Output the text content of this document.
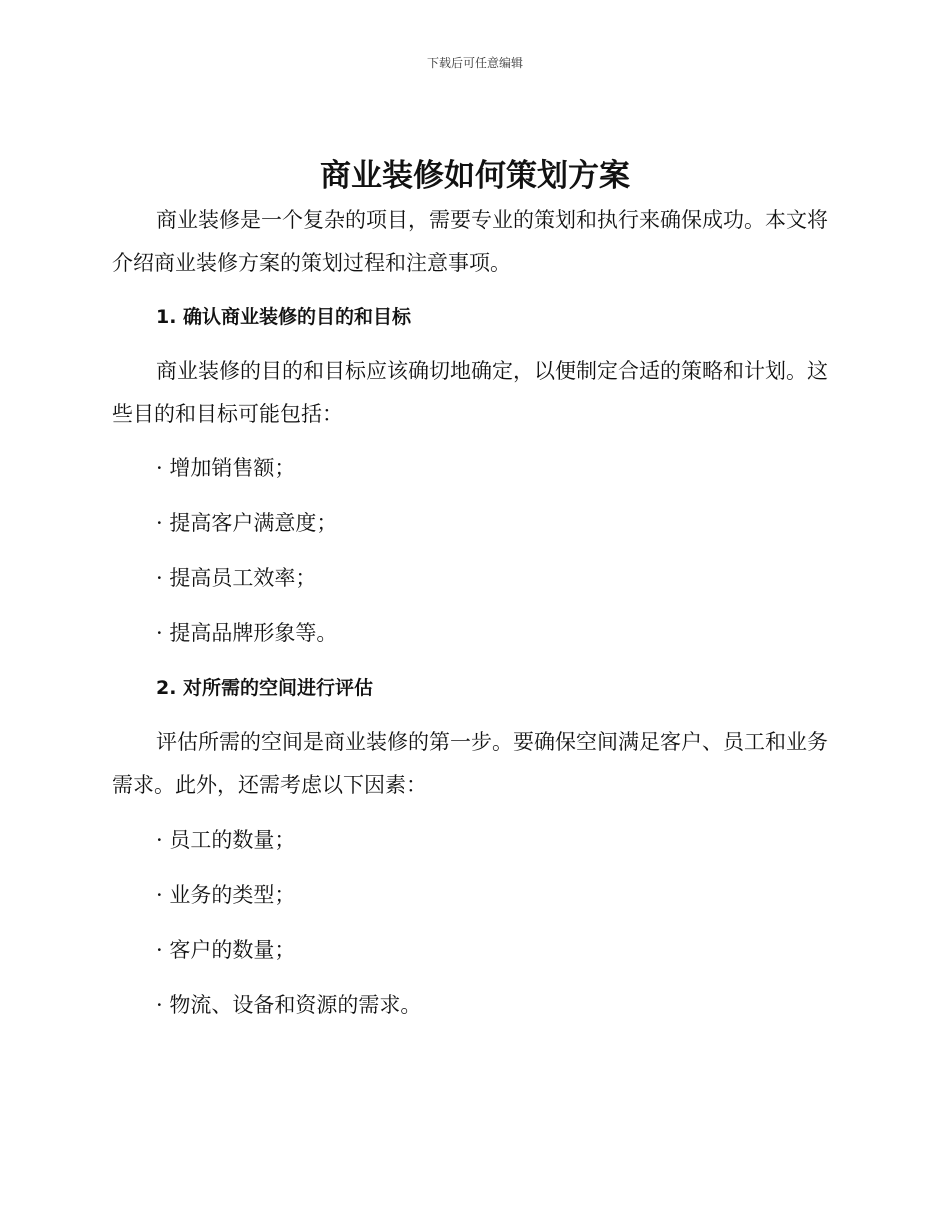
下载后可任意编辑
商业装修如何策划方案

商业装修是一个复杂的项目，需要专业的策划和执行来确保成功。本文将介绍商业装修方案的策划过程和注意事项。

1. 确认商业装修的目的和目标

商业装修的目的和目标应该确切地确定，以便制定合适的策略和计划。这些目的和目标可能包括：

· 增加销售额；
· 提高客户满意度；
· 提高员工效率；
· 提高品牌形象等。
2. 对所需的空间进行评估

评估所需的空间是商业装修的第一步。要确保空间满足客户、员工和业务需求。此外，还需考虑以下因素：

· 员工的数量；
· 业务的类型；
· 客户的数量；
· 物流、设备和资源的需求。
